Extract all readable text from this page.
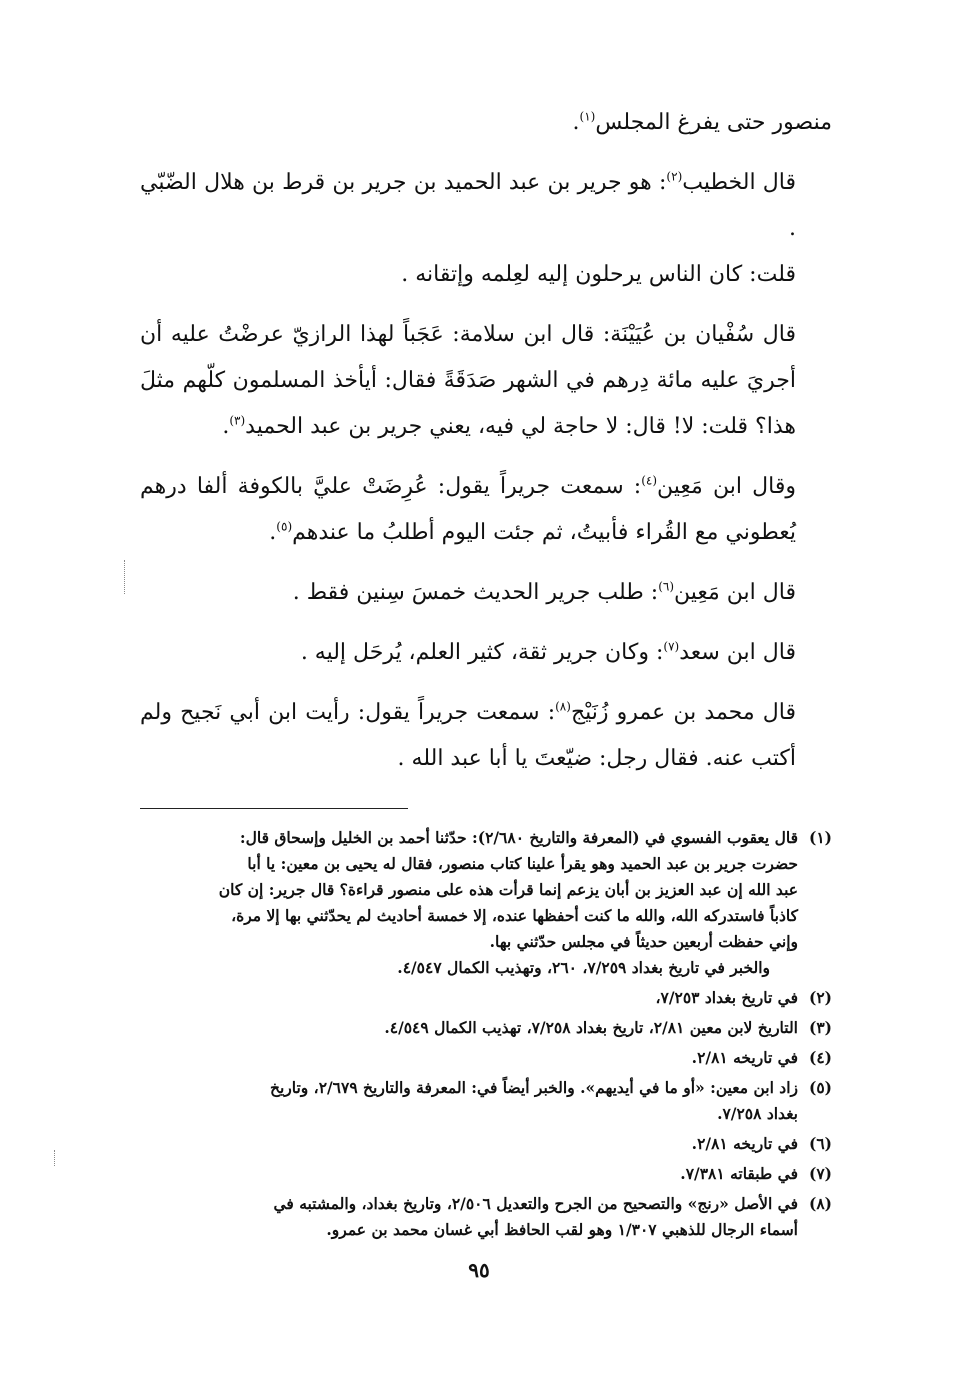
منصور حتى يفرغ المجلس$^{(١)}$.

قال الخطيب$^{(٢)}$: هو جرير بن عبد الحميد بن جرير بن قرط بن هلال الضّبّي .

قلت: كان الناس يرحلون إليه لعِلمه وإتقانه .

قال سُفْيان بن عُيَيْنَة: قال ابن سلامة: عَجَباً لهذا الرازيّ عرضْتُ عليه أن أجريَ عليه مائة دِرهم في الشهر صَدَقَةً فقال: أيأخذ المسلمون كلّهم مثلَ هذا؟ قلت: لا! قال: لا حاجة لي فيه، يعني جرير بن عبد الحميد$^{(٣)}$.

وقال ابن مَعِين$^{(٤)}$: سمعت جريراً يقول: عُرِضَتْ عليَّ بالكوفة ألفا درهم يُعطوني مع القُراء فأبيتُ، ثم جئت اليوم أطلبُ ما عندهم$^{(٥)}$.

قال ابن مَعِين$^{(٦)}$: طلب جرير الحديث خمسَ سِنين فقط .

قال ابن سعد$^{(٧)}$: وكان جرير ثقة، كثير العلم، يُرحَل إليه .

قال محمد بن عمرو زُنَيْج$^{(٨)}$: سمعت جريراً يقول: رأيت ابن أبي نَجيح ولم أكتب عنه. فقال رجل: ضيّعتَ يا أبا عبد الله .

(١)
قال يعقوب الفسوي في (المعرفة والتاريخ ٢/٦٨٠): حدّثنا أحمد بن الخليل وإسحاق قال:
حضرت جرير بن عبد الحميد وهو يقرأ علينا كتاب منصور، فقال له يحيى بن معين: يا أبا
عبد الله إن عبد العزيز بن أبان يزعم إنما قرأت هذه على منصور قراءة؟ قال جرير: إن كان
كاذباً فاستدركه الله، والله ما كنت أحفظها عنده، إلا خمسة أحاديث لم يحدّثني بها إلا مرة،
وإني حفظت أربعين حديثاً في مجلس حدّثني بها.
والخبر في تاريخ بغداد ٧/٢٥٩، ٢٦٠، وتهذيب الكمال ٤/٥٤٧.
(٢)
في تاريخ بغداد ٧/٢٥٣،
(٣)
التاريخ لابن معين ٢/٨١، تاريخ بغداد ٧/٢٥٨، تهذيب الكمال ٤/٥٤٩.
(٤)
في تاريخه ٢/٨١.
(٥)
زاد ابن معين: «أو ما في أيديهم». والخبر أيضاً في: المعرفة والتاريخ ٢/٦٧٩، وتاريخ
بغداد ٧/٢٥٨.
(٦)
في تاريخه ٢/٨١.
(٧)
في طبقاته ٧/٣٨١.
(٨)
في الأصل «رنج» والتصحيح من الجرح والتعديل ٢/٥٠٦، وتاريخ بغداد، والمشتبه في
أسماء الرجال للذهبي ١/٣٠٧ وهو لقب الحافظ أبي غسان محمد بن عمرو.
٩٥
